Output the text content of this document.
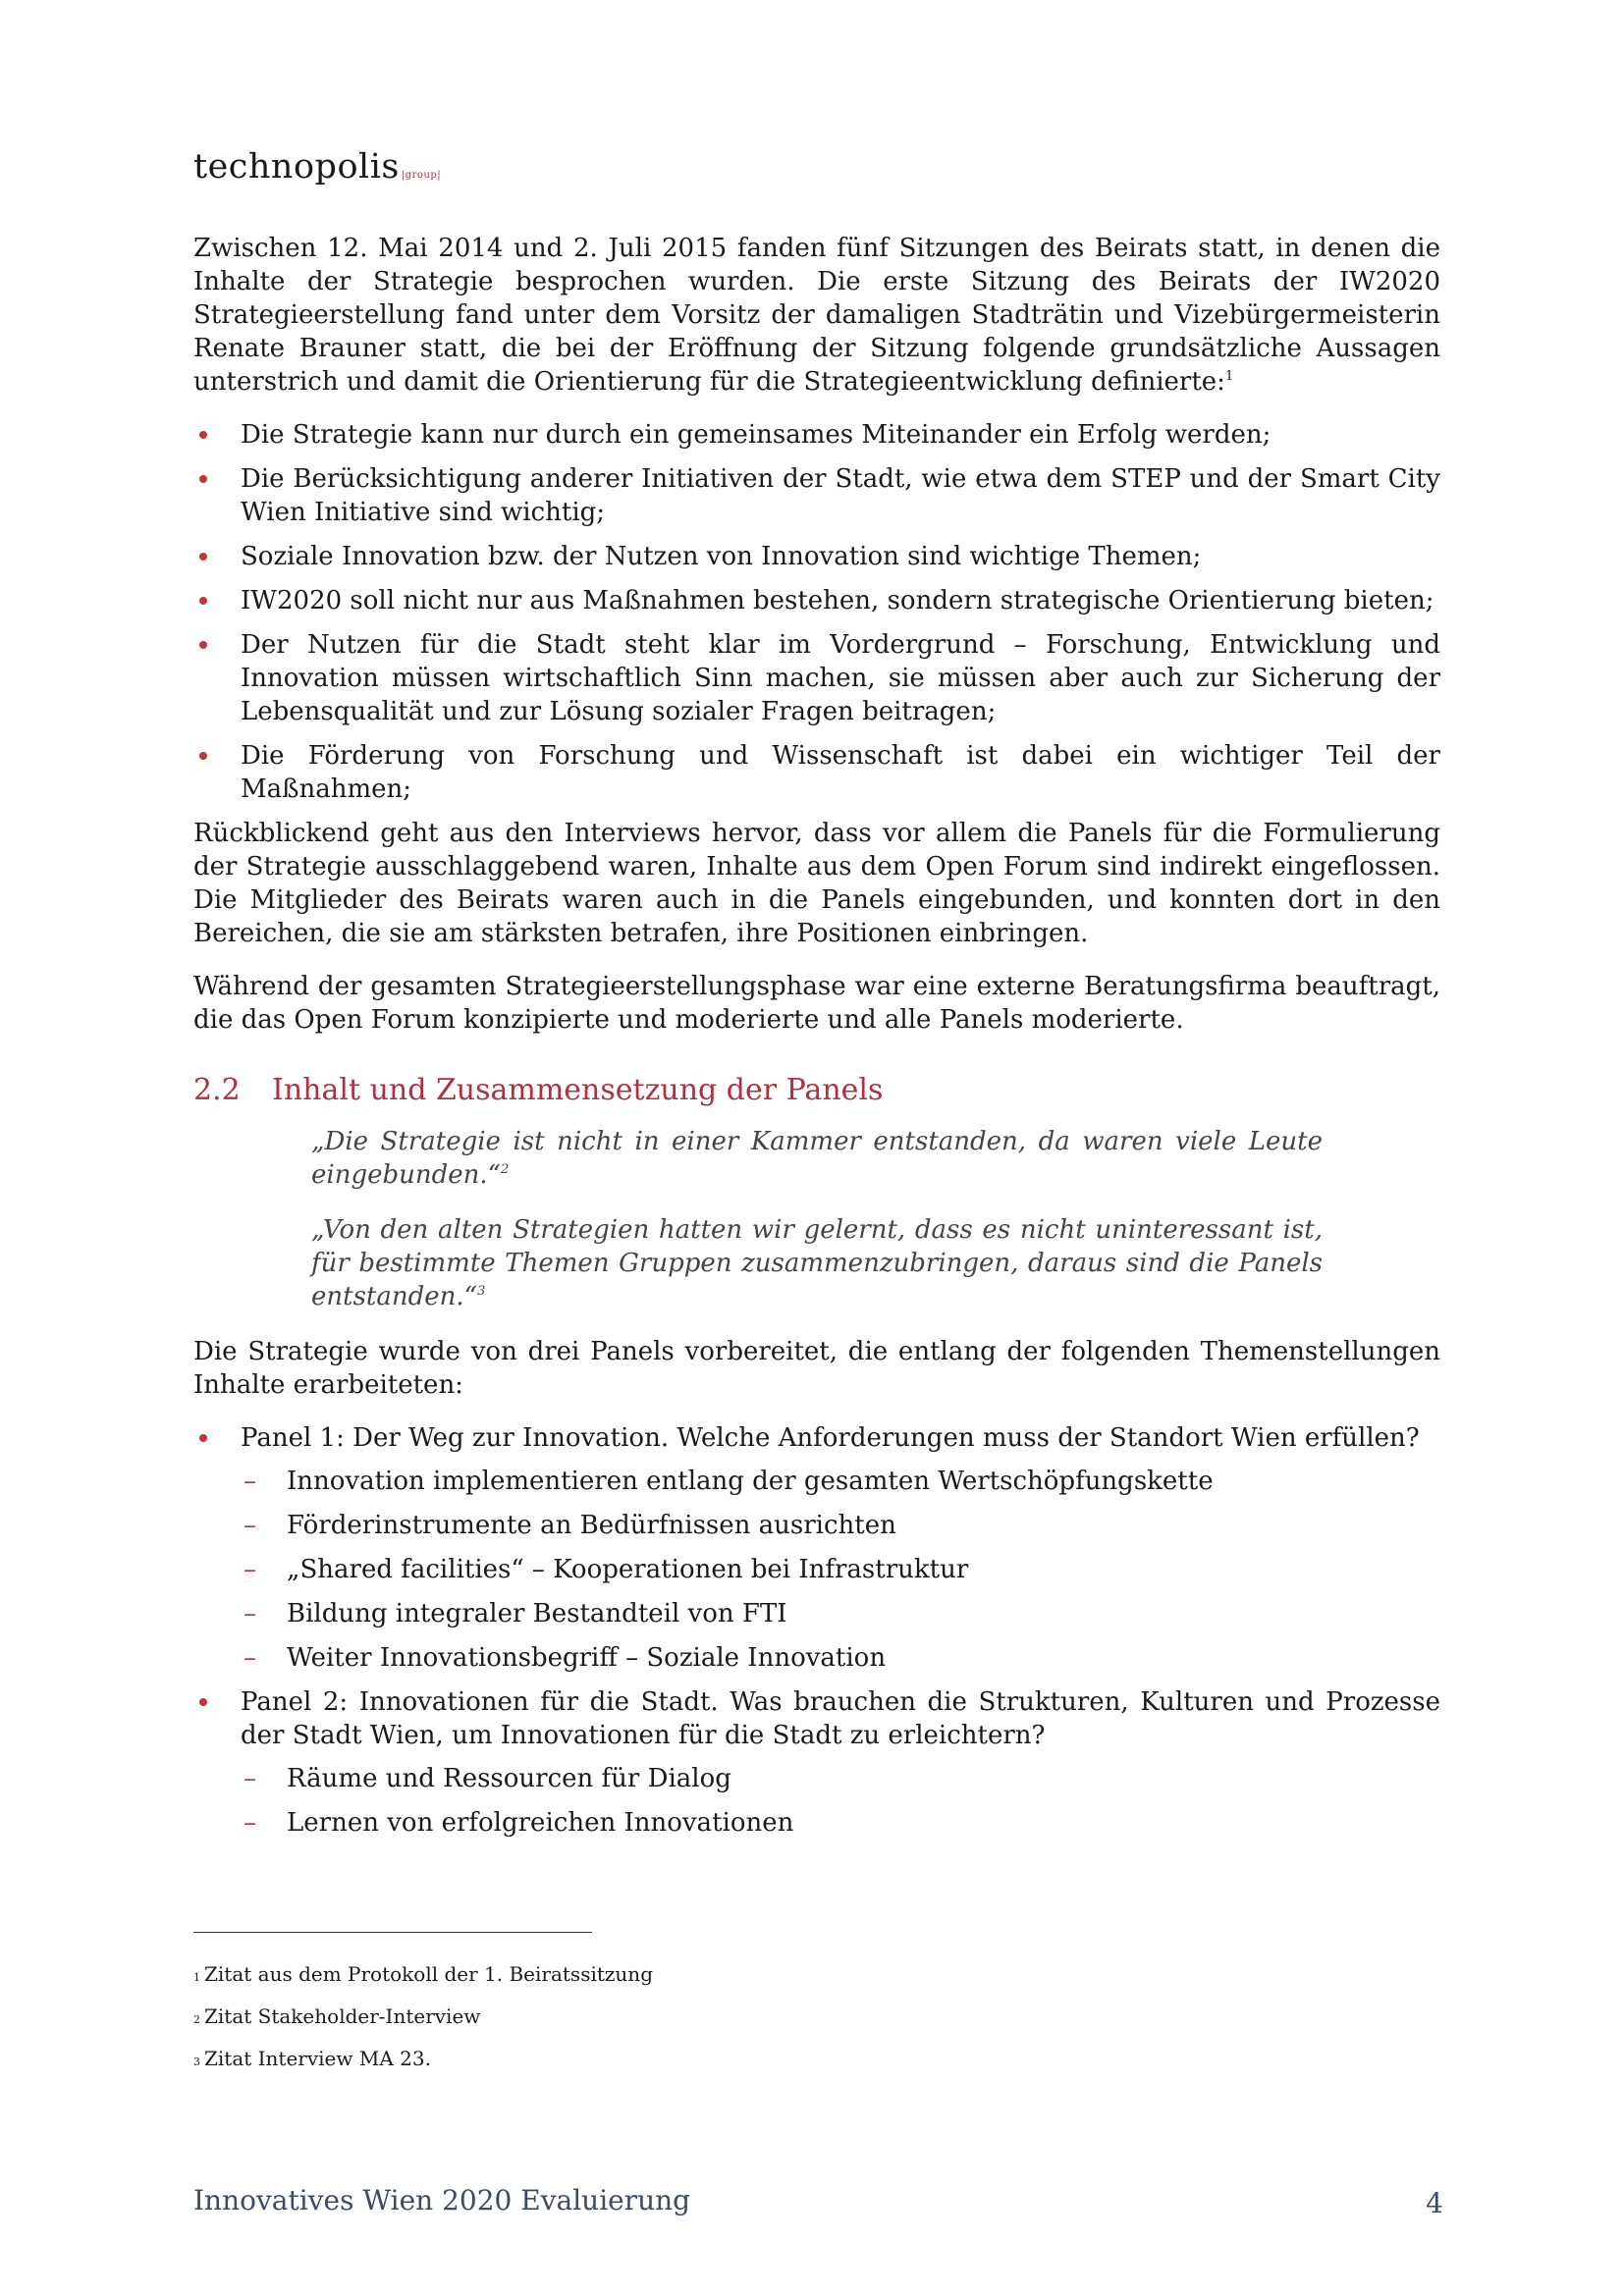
technopolis |group|

Zwischen 12. Mai 2014 und 2. Juli 2015 fanden fünf Sitzungen des Beirats statt, in denen die Inhalte der Strategie besprochen wurden. Die erste Sitzung des Beirats der IW2020 Strategieerstellung fand unter dem Vorsitz der damaligen Stadträtin und Vizebürgermeisterin Renate Brauner statt, die bei der Eröffnung der Sitzung folgende grundsätzliche Aussagen unterstrich und damit die Orientierung für die Strategieentwicklung definierte:$^1$

Die Strategie kann nur durch ein gemeinsames Miteinander ein Erfolg werden;
Die Berücksichtigung anderer Initiativen der Stadt, wie etwa dem STEP und der Smart City Wien Initiative sind wichtig;
Soziale Innovation bzw. der Nutzen von Innovation sind wichtige Themen;
IW2020 soll nicht nur aus Maßnahmen bestehen, sondern strategische Orientierung bieten;
Der Nutzen für die Stadt steht klar im Vordergrund – Forschung, Entwicklung und Innovation müssen wirtschaftlich Sinn machen, sie müssen aber auch zur Sicherung der Lebensqualität und zur Lösung sozialer Fragen beitragen;
Die Förderung von Forschung und Wissenschaft ist dabei ein wichtiger Teil der Maßnahmen;

Rückblickend geht aus den Interviews hervor, dass vor allem die Panels für die Formulierung der Strategie ausschlaggebend waren, Inhalte aus dem Open Forum sind indirekt eingeflossen. Die Mitglieder des Beirats waren auch in die Panels eingebunden, und konnten dort in den Bereichen, die sie am stärksten betrafen, ihre Positionen einbringen.

Während der gesamten Strategieerstellungsphase war eine externe Beratungsfirma beauftragt, die das Open Forum konzipierte und moderierte und alle Panels moderierte.

2.2 Inhalt und Zusammensetzung der Panels

„Die Strategie ist nicht in einer Kammer entstanden, da waren viele Leute eingebunden.“$^2$

„Von den alten Strategien hatten wir gelernt, dass es nicht uninteressant ist, für bestimmte Themen Gruppen zusammenzubringen, daraus sind die Panels entstanden.“$^3$

Die Strategie wurde von drei Panels vorbereitet, die entlang der folgenden Themenstellungen Inhalte erarbeiteten:

Panel 1: Der Weg zur Innovation. Welche Anforderungen muss der Standort Wien erfüllen?
– Innovation implementieren entlang der gesamten Wertschöpfungskette
– Förderinstrumente an Bedürfnissen ausrichten
– „Shared facilities“ – Kooperationen bei Infrastruktur
– Bildung integraler Bestandteil von FTI
– Weiter Innovationsbegriff – Soziale Innovation
Panel 2: Innovationen für die Stadt. Was brauchen die Strukturen, Kulturen und Prozesse der Stadt Wien, um Innovationen für die Stadt zu erleichtern?
– Räume und Ressourcen für Dialog
– Lernen von erfolgreichen Innovationen
1 Zitat aus dem Protokoll der 1. Beiratssitzung
2 Zitat Stakeholder-Interview
3 Zitat Interview MA 23.
Innovatives Wien 2020 Evaluierung	4
